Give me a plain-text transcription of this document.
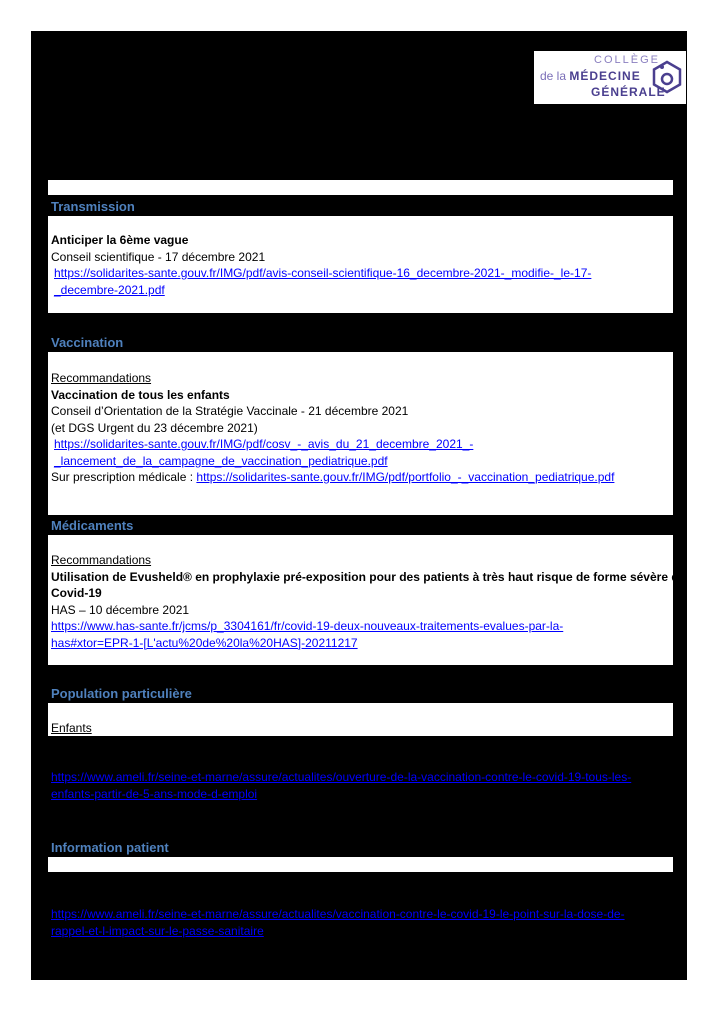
COLLÈGE
de la MÉDECINE
GÉNÉRALE
Transmission
Anticiper la 6ème vague
Conseil scientifique - 17 décembre 2021
https://solidarites-sante.gouv.fr/IMG/pdf/avis-conseil-scientifique-16_decembre-2021-_modifie-_le-17-
_decembre-2021.pdf
Vaccination
Recommandations
Vaccination de tous les enfants
Conseil d’Orientation de la Stratégie Vaccinale - 21 décembre 2021
(et DGS Urgent du 23 décembre 2021)
https://solidarites-sante.gouv.fr/IMG/pdf/cosv_-_avis_du_21_decembre_2021_-
_lancement_de_la_campagne_de_vaccination_pediatrique.pdf
Sur prescription médicale : https://solidarites-sante.gouv.fr/IMG/pdf/portfolio_-_vaccination_pediatrique.pdf
Médicaments
Recommandations
Utilisation de Evusheld® en prophylaxie pré-exposition pour des patients à très haut risque de forme sévère de
Covid-19
HAS – 10 décembre 2021
https://www.has-sante.fr/jcms/p_3304161/fr/covid-19-deux-nouveaux-traitements-evalues-par-la-
has#xtor=EPR-1-[L'actu%20de%20la%20HAS]-20211217
Population particulière
Enfants
https://www.ameli.fr/seine-et-marne/assure/actualites/ouverture-de-la-vaccination-contre-le-covid-19-tous-les-
enfants-partir-de-5-ans-mode-d-emploi
Information patient
https://www.ameli.fr/seine-et-marne/assure/actualites/vaccination-contre-le-covid-19-le-point-sur-la-dose-de-
rappel-et-l-impact-sur-le-passe-sanitaire
